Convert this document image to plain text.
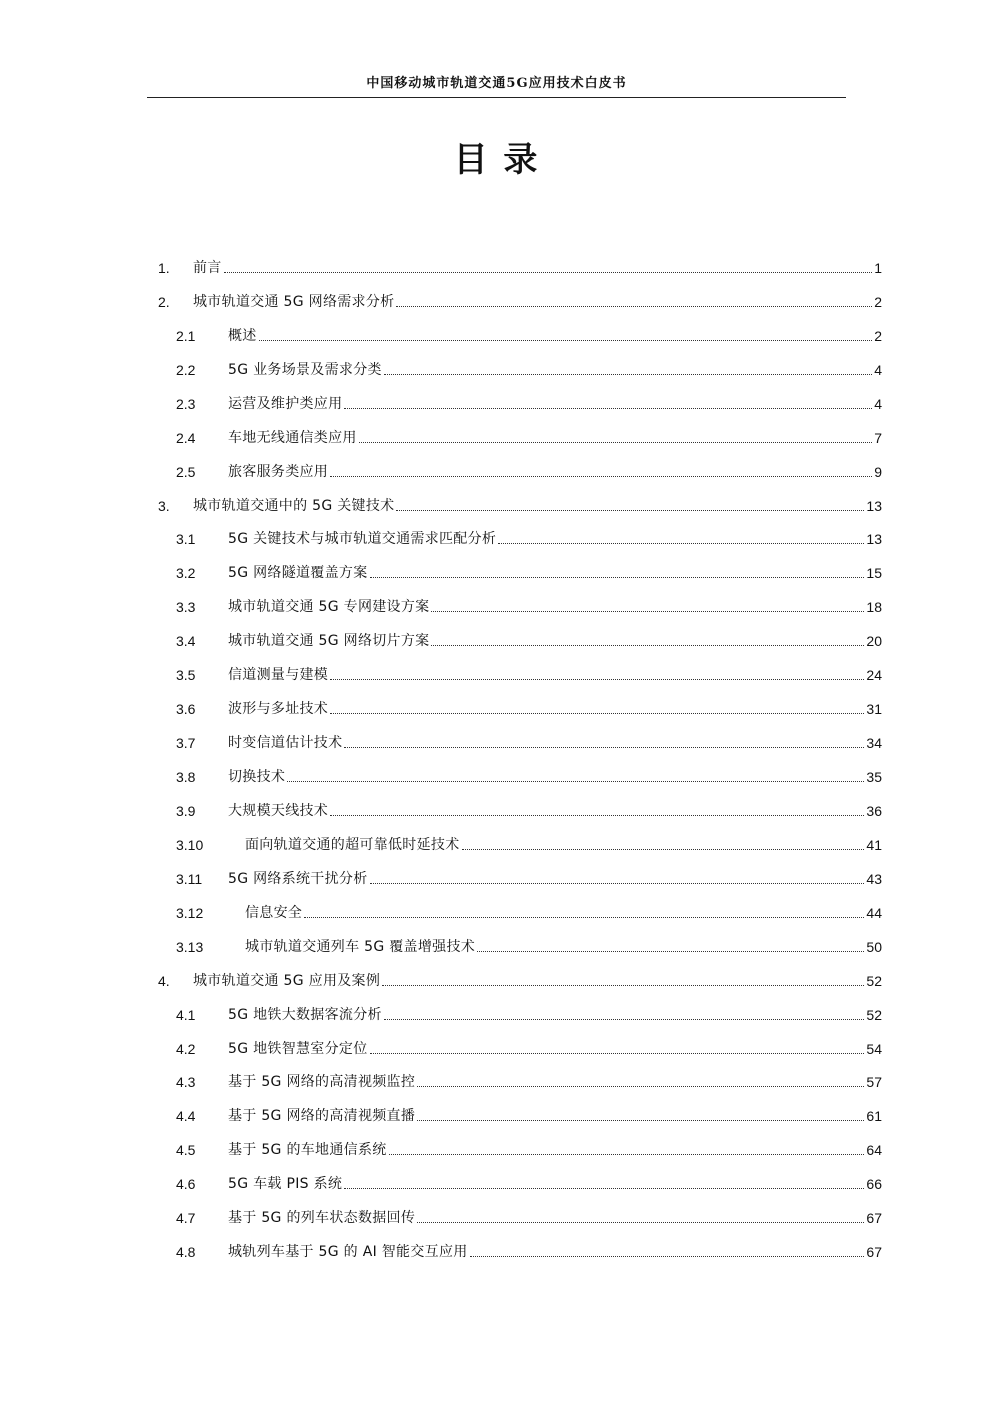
中国移动城市轨道交通5G应用技术白皮书
目 录
1.	前言	1
2.	城市轨道交通 5G 网络需求分析	2
2.1	概述	2
2.2	5G 业务场景及需求分类	4
2.3	运营及维护类应用	4
2.4	车地无线通信类应用	7
2.5	旅客服务类应用	9
3.	城市轨道交通中的 5G 关键技术	13
3.1	5G 关键技术与城市轨道交通需求匹配分析	13
3.2	5G 网络隧道覆盖方案	15
3.3	城市轨道交通 5G 专网建设方案	18
3.4	城市轨道交通 5G 网络切片方案	20
3.5	信道测量与建模	24
3.6	波形与多址技术	31
3.7	时变信道估计技术	34
3.8	切换技术	35
3.9	大规模天线技术	36
3.10	面向轨道交通的超可靠低时延技术	41
3.11	5G 网络系统干扰分析	43
3.12	信息安全	44
3.13	城市轨道交通列车 5G 覆盖增强技术	50
4.	城市轨道交通 5G 应用及案例	52
4.1	5G 地铁大数据客流分析	52
4.2	5G 地铁智慧室分定位	54
4.3	基于 5G 网络的高清视频监控	57
4.4	基于 5G 网络的高清视频直播	61
4.5	基于 5G 的车地通信系统	64
4.6	5G 车载 PIS 系统	66
4.7	基于 5G 的列车状态数据回传	67
4.8	城轨列车基于 5G 的 AI 智能交互应用	67
